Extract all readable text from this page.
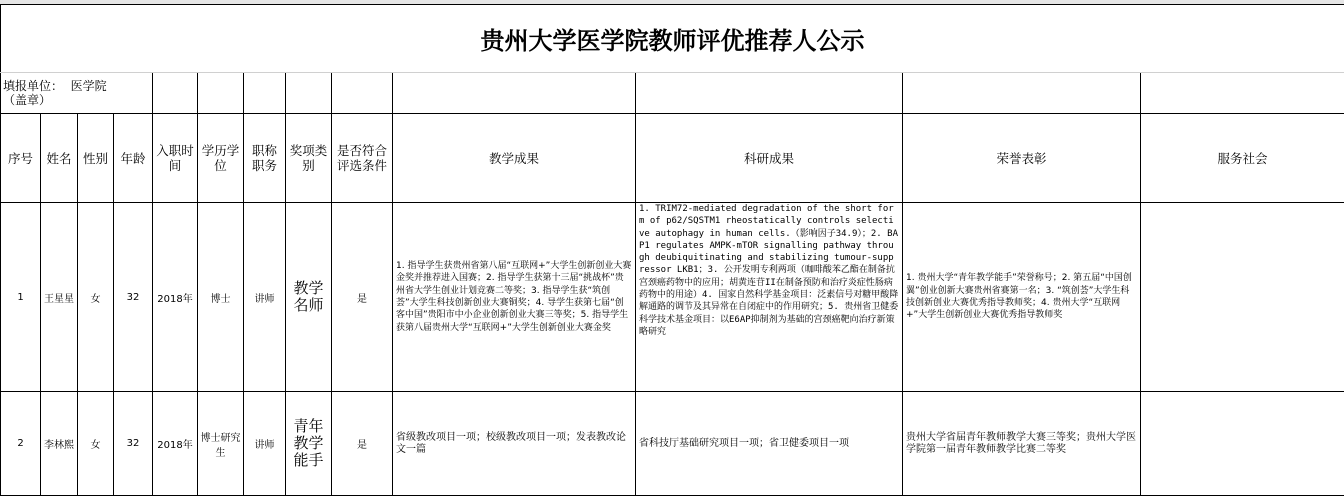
贵州大学医学院教师评优推荐人公示												
填报单位： 医学院
（盖章）												
序号	姓名	性别	年龄	入职时间	学历学位	职称职务	奖项类别	是否符合评选条件	教学成果	科研成果	荣誉表彰	服务社会
1	王星星	女	32	2018年	博士	讲师	教学名师	是	1. 指导学生获贵州省第八届“互联网+”大学生创新创业大赛金奖并推荐进入国赛；2. 指导学生获第十三届“挑战杯”贵州省大学生创业计划竞赛二等奖；3. 指导学生获“筑创荟”大学生科技创新创业大赛铜奖；4. 导学生获第七届“创客中国”贵阳市中小企业创新创业大赛三等奖；5. 指导学生获第八届贵州大学“互联网+”大学生创新创业大赛金奖	1. TRIM72-mediated degradation of the short form of p62/SQSTM1 rheostatically controls selective autophagy in human cells.（影响因子34.9）；2. BAP1 regulates AMPK-mTOR signalling pathway through deubiquitinating and stabilizing tumour-suppressor LKB1；3. 公开发明专利两项（咖啡酸苯乙酯在制备抗宫颈癌药物中的应用；胡黄连苷II在制备预防和治疗炎症性肠病药物中的用途）4. 国家自然科学基金项目：泛素信号对糖甲酸降解通路的调节及其异常在自闭症中的作用研究；5. 贵州省卫健委科学技术基金项目：以E6AP抑制剂为基础的宫颈癌靶向治疗新策略研究	1. 贵州大学“青年教学能手”荣誉称号；2. 第五届“中国创翼”创业创新大赛贵州省赛第一名；3. “筑创荟”大学生科技创新创业大赛优秀指导教师奖；4. 贵州大学“互联网+”大学生创新创业大赛优秀指导教师奖	
2	李林熙	女	32	2018年	博士研究生	讲师	青年教学能手	是	省级教改项目一项；校级教改项目一项；发表教改论文一篇	省科技厅基础研究项目一项；省卫健委项目一项	贵州大学省届青年教师教学大赛三等奖；贵州大学医学院第一届青年教师教学比赛二等奖	
